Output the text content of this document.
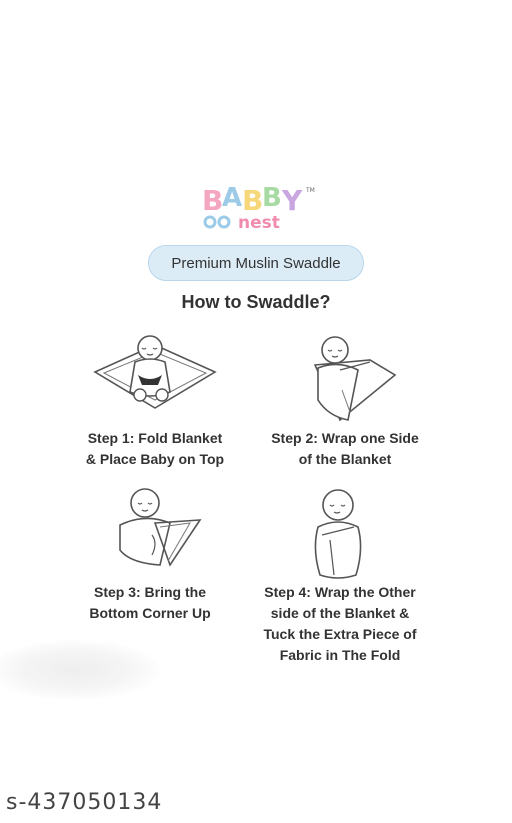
B
A B
B Y TM
nest
Premium Muslin Swaddle
How to Swaddle?
Step 1: Fold Blanket
& Place Baby on Top
Step 2: Wrap one Side
of the Blanket
Step 3: Bring the
Bottom Corner Up
Step 4: Wrap the Other
side of the Blanket &
Tuck the Extra Piece of
Fabric in The Fold
s-437050134
